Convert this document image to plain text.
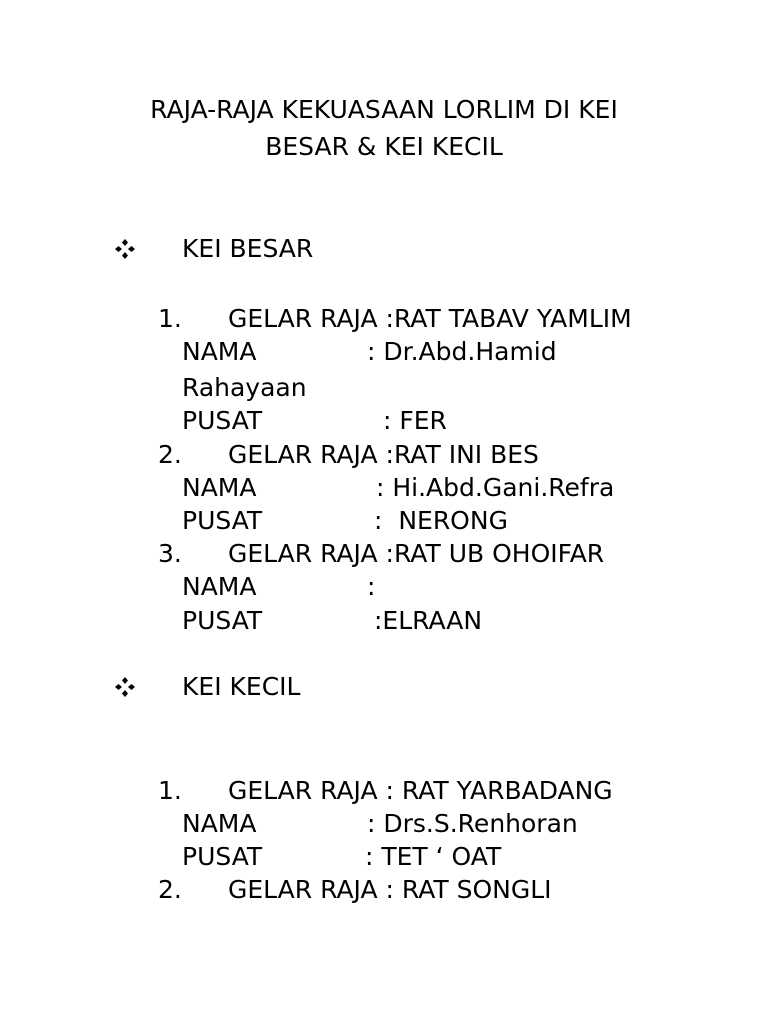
RAJA-RAJA KEKUASAAN LORLIM DI KEI
BESAR & KEI KECIL
KEI BESAR
1. GELAR RAJA :RAT TABAV YAMLIM
NAMA	: Dr.Abd.Hamid
Rahayaan
PUSAT	: FER
2. GELAR RAJA :RAT INI BES
NAMA	: Hi.Abd.Gani.Refra
PUSAT	:  NERONG
3. GELAR RAJA :RAT UB OHOIFAR
NAMA	:
PUSAT	:ELRAAN
KEI KECIL
1. GELAR RAJA : RAT YARBADANG
NAMA	: Drs.S.Renhoran
PUSAT	: TET ‘ OAT
2. GELAR RAJA : RAT SONGLI
